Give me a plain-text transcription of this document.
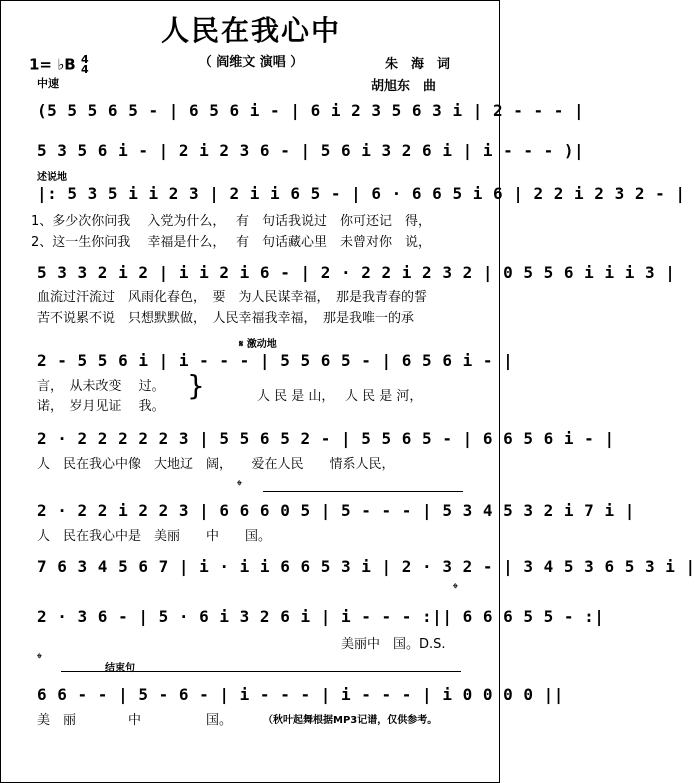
人民在我心中
（ 阎维文 演唱 ）
1= ♭B 4
4
中速
朱　海　词
胡旭东　曲
(5 5 5 6 5 - | 6 5 6 i - | 6 i 2 3 5 6 3 i | 2 - - - |
5 3 5 6 i - | 2 i 2 3 6 - | 5 6 i 3 2 6 i | i - - - )|
述说地
|: 5 3 5 i i 2 3 | 2 i i 6 5 - | 6 · 6 6 5 i 6 | 2 2 i 2 3 2 - |
1、多少次你问我　 入党为什么，　 有　句话我说过　你可还记　得，
2、这一生你问我　 幸福是什么，　 有　句话藏心里　未曾对你　说，
5 3 3 2 i 2 | i i 2 i 6 - | 2 · 2 2 i 2 3 2 | 0 5 5 6 i i i 3 |
血流过汗流过　风雨化春色，　要　为人民谋幸福，　那是我青春的誓
苦不说累不说　只想默默做，　人民幸福我幸福，　那是我唯一的承
𝄋 激动地
2 - 5 5 6 i | i - - - | 5 5 6 5 - | 6 5 6 i - |
言，　从未改变　 过。
诺，　岁月见证　 我。
}	人 民 是 山，　 人 民 是 河，
2 · 2 2 2 2 2 3 | 5 5 6 5 2 - | 5 5 6 5 - | 6 6 5 6 i - |
人　民在我心中像　大地辽　阔，　　爱在人民　　情系人民，
𝄌
2 · 2 2 i 2 2 3 | 6 6 6 0 5 | 5 - - - | 5 3 4 5 3 2 i 7 i |
人　民在我心中是　美丽　　中　　国。
7 6 3 4 5 6 7 | i · i i 6 6 5 3 i | 2 · 3 2 - | 3 4 5 3 6 5 3 i |
𝄌
2 · 3 6 - | 5 · 6 i 3 2 6 i | i - - - :|| 6 6 6 5 5 - :|
美丽中　国。D.S.
𝄌
结束句
6 6 - - | 5 - 6 - | i - - - | i - - - | i 0 0 0 0 ||
美　丽　　　　中　　　　　国。	（秋叶起舞根据MP3记谱，仅供参考。
